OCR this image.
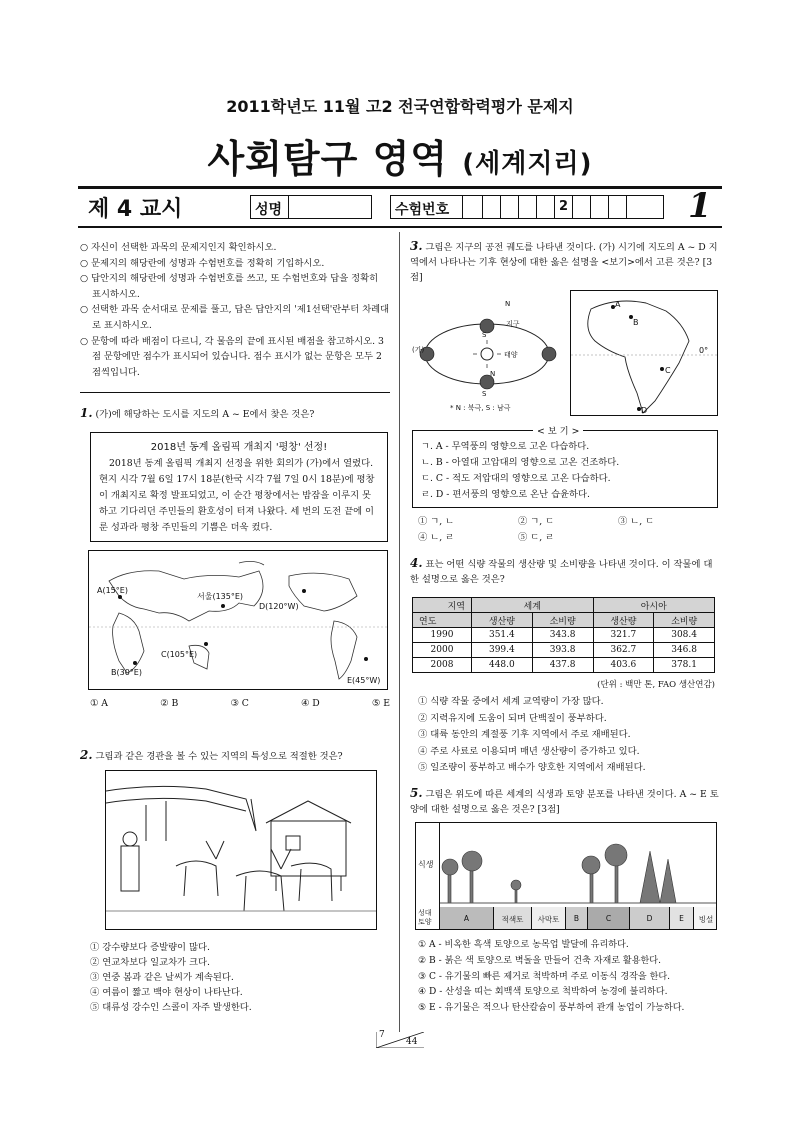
2011학년도 11월 고2 전국연합학력평가 문제지
사회탐구 영역 (세계지리)
제 4 교시	성명	수험번호	2	1
○ 자신이 선택한 과목의 문제지인지 확인하시오.
○ 문제지의 해당란에 성명과 수험번호를 정확히 기입하시오.
○ 답안지의 해당란에 성명과 수험번호를 쓰고, 또 수험번호와 답을 정확히 표시하시오.
○ 선택한 과목 순서대로 문제를 풀고, 답은 답안지의 '제1선택'란부터 차례대로 표시하시오.
○ 문항에 따라 배점이 다르니, 각 물음의 끝에 표시된 배점을 참고하시오. 3점 문항에만 점수가 표시되어 있습니다. 점수 표시가 없는 문항은 모두 2점씩입니다.
1. (가)에 해당하는 도시를 지도의 A ~ E에서 찾은 것은?
2018년 동계 올림픽 개최지 '평창' 선정!
2018년 동계 올림픽 개최지 선정을 위한 회의가 (가)에서 열렸다. 현지 시각 7월 6일 17시 18분(한국 시각 7월 7일 0시 18분)에 평창이 개최지로 확정 발표되었고, 이 순간 평창에서는 밤잠을 이루지 못하고 기다리던 주민들의 환호성이 터져 나왔다. 세 번의 도전 끝에 이룬 성과라 평창 주민들의 기쁨은 더욱 컸다.
A(15°E)
서울(135°E)
D(120°W)
C(105°E)
B(30°E)
E(45°W)
① A	② B	③ C	④ D	⑤ E
2. 그림과 같은 경관을 볼 수 있는 지역의 특성으로 적절한 것은?
① 강수량보다 증발량이 많다.
② 연교차보다 일교차가 크다.
③ 연중 봄과 같은 날씨가 계속된다.
④ 여름이 짧고 백야 현상이 나타난다.
⑤ 대류성 강수인 스콜이 자주 발생한다.
3. 그림은 지구의 공전 궤도를 나타낸 것이다. (가) 시기에 지도의 A ~ D 지역에서 나타나는 기후 현상에 대한 옳은 설명을 <보기>에서 고른 것은? [3점]
N
지구
S
태양
(가)
N
S
* N : 북극, S : 남극
A
B
C
D
0°
< 보 기 >
ㄱ. A - 무역풍의 영향으로 고온 다습하다.
ㄴ. B - 아열대 고압대의 영향으로 고온 건조하다.
ㄷ. C - 적도 저압대의 영향으로 고온 다습하다.
ㄹ. D - 편서풍의 영향으로 온난 습윤하다.
① ㄱ, ㄴ	② ㄱ, ㄷ	③ ㄴ, ㄷ
④ ㄴ, ㄹ	⑤ ㄷ, ㄹ
4. 표는 어떤 식량 작물의 생산량 및 소비량을 나타낸 것이다. 이 작물에 대한 설명으로 옳은 것은?
지역	세계		아시아	
연도	생산량	소비량	생산량	소비량
1990	351.4	343.8	321.7	308.4
2000	399.4	393.8	362.7	346.8
2008	448.0	437.8	403.6	378.1
(단위 : 백만 톤, FAO 생산연감)
① 식량 작물 중에서 세계 교역량이 가장 많다.
② 지력유지에 도움이 되며 단백질이 풍부하다.
③ 대륙 동안의 계절풍 기후 지역에서 주로 재배된다.
④ 주로 사료로 이용되며 매년 생산량이 증가하고 있다.
⑤ 일조량이 풍부하고 배수가 양호한 지역에서 재배된다.
5. 그림은 위도에 따른 세계의 식생과 토양 분포를 나타낸 것이다. A ~ E 토양에 대한 설명으로 옳은 것은? [3점]
식생
성대 토양	A	적색토	사막토	B	C	D	E	빙설
① A - 비옥한 흑색 토양으로 농목업 발달에 유리하다.
② B - 붉은 색 토양으로 벽돌을 만들어 건축 자재로 활용한다.
③ C - 유기물의 빠른 제거로 척박하며 주로 이동식 경작을 한다.
④ D - 산성을 띠는 회백색 토양으로 척박하여 농경에 불리하다.
⑤ E - 유기물은 적으나 탄산칼슘이 풍부하여 관개 농업이 가능하다.
7
44
